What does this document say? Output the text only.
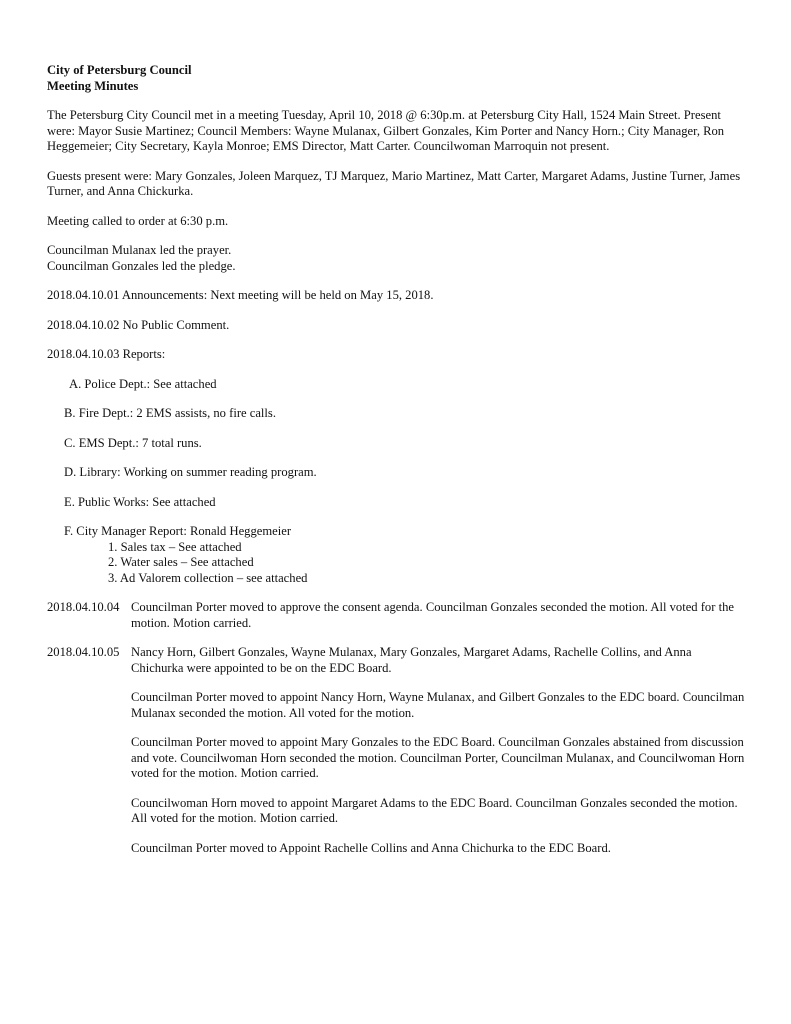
City of Petersburg Council

Meeting Minutes

The Petersburg City Council met in a meeting Tuesday, April 10, 2018 @ 6:30p.m. at Petersburg City Hall, 1524 Main Street. Present were: Mayor Susie Martinez; Council Members: Wayne Mulanax, Gilbert Gonzales, Kim Porter and Nancy Horn.; City Manager, Ron Heggemeier; City Secretary, Kayla Monroe; EMS Director, Matt Carter. Councilwoman Marroquin not present.

Guests present were: Mary Gonzales, Joleen Marquez, TJ Marquez, Mario Martinez, Matt Carter, Margaret Adams, Justine Turner, James Turner, and Anna Chickurka.

Meeting called to order at 6:30 p.m.

Councilman Mulanax led the prayer.

Councilman Gonzales led the pledge.

2018.04.10.01 Announcements: Next meeting will be held on May 15, 2018.

2018.04.10.02 No Public Comment.

2018.04.10.03 Reports:

A. Police Dept.: See attached

B. Fire Dept.: 2 EMS assists, no fire calls.

C. EMS Dept.: 7 total runs.

D. Library: Working on summer reading program.

E. Public Works: See attached

F. City Manager Report: Ronald Heggemeier

1. Sales tax – See attached

2. Water sales – See attached

3. Ad Valorem collection – see attached

2018.04.10.04 Councilman Porter moved to approve the consent agenda. Councilman Gonzales seconded the motion. All voted for the motion. Motion carried.

2018.04.10.05 Nancy Horn, Gilbert Gonzales, Wayne Mulanax, Mary Gonzales, Margaret Adams, Rachelle Collins, and Anna Chichurka were appointed to be on the EDC Board.

Councilman Porter moved to appoint Nancy Horn, Wayne Mulanax, and Gilbert Gonzales to the EDC board. Councilman Mulanax seconded the motion. All voted for the motion.

Councilman Porter moved to appoint Mary Gonzales to the EDC Board. Councilman Gonzales abstained from discussion and vote. Councilwoman Horn seconded the motion. Councilman Porter, Councilman Mulanax, and Councilwoman Horn voted for the motion. Motion carried.

Councilwoman Horn moved to appoint Margaret Adams to the EDC Board. Councilman Gonzales seconded the motion. All voted for the motion. Motion carried.

Councilman Porter moved to Appoint Rachelle Collins and Anna Chichurka to the EDC Board.
